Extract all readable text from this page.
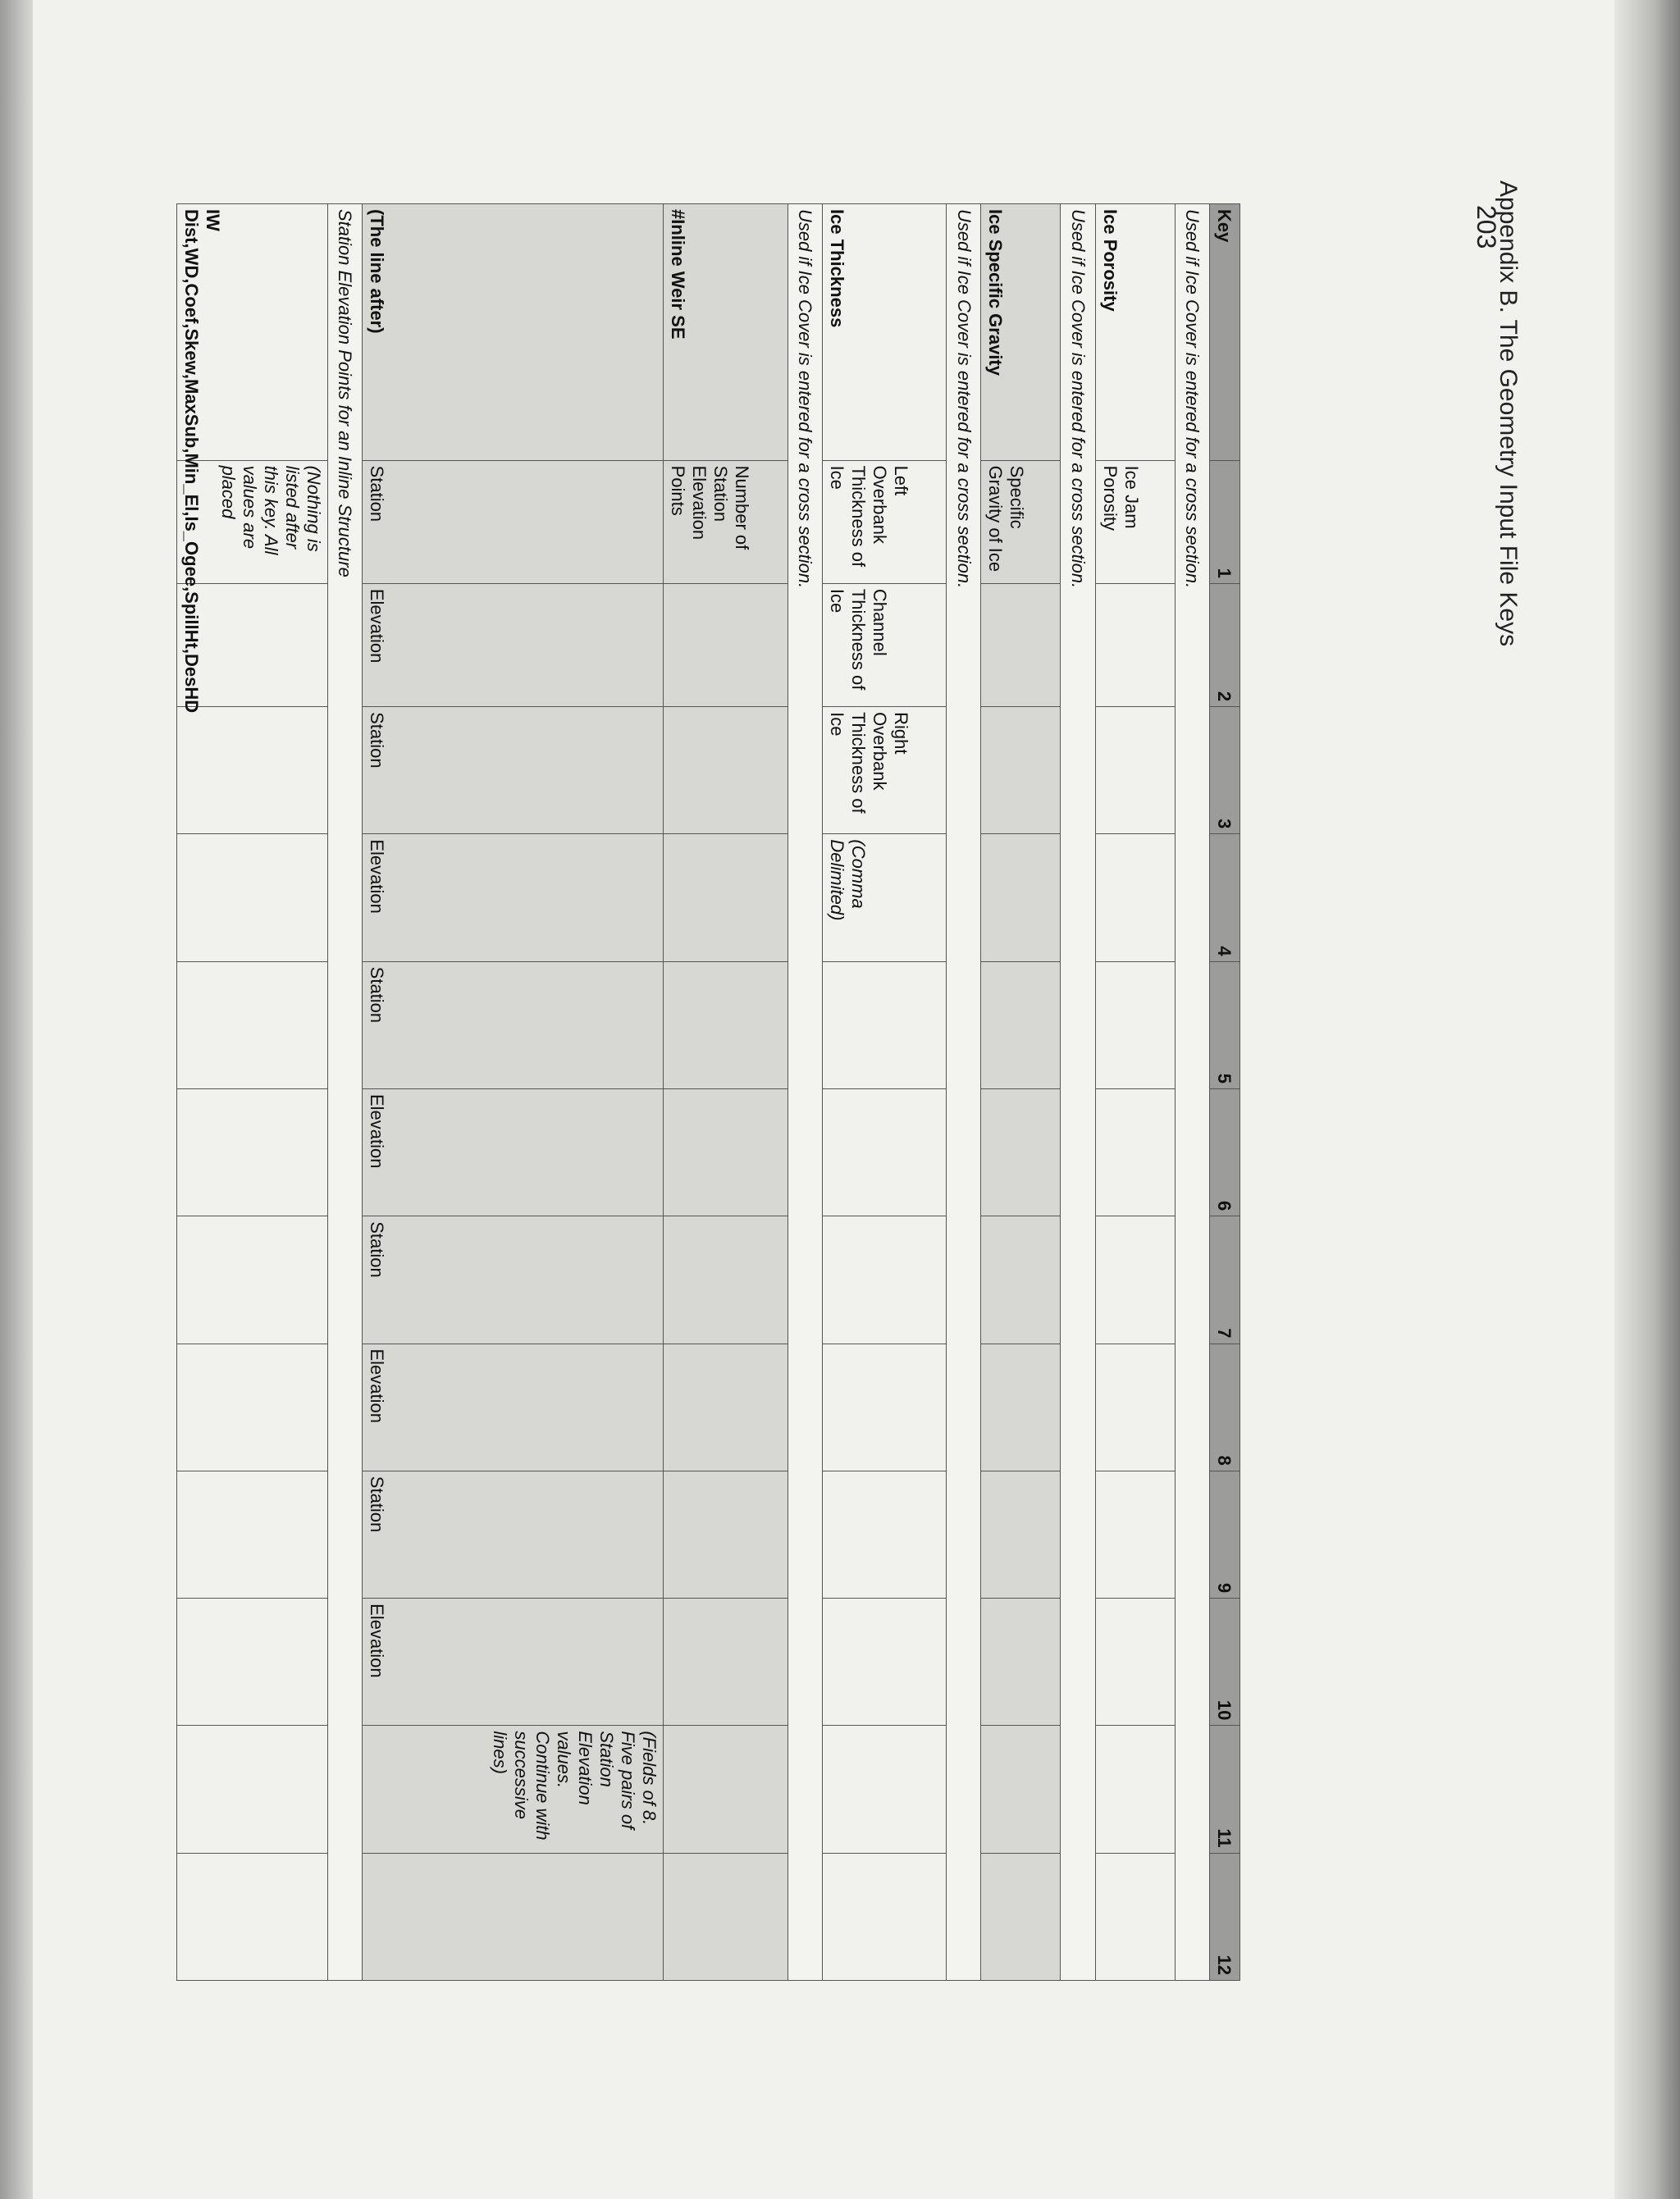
Appendix B. The Geometry Input File Keys
203
Key	1	2	3	4	5	6	7	8	9	10	11	12
Used if Ice Cover is entered for a cross section.												
Ice Porosity	Ice Jam Porosity											
Used if Ice Cover is entered for a cross section.												
Ice Specific Gravity	Specific Gravity of Ice											
Used if Ice Cover is entered for a cross section.												
Ice Thickness	Left Overbank Thickness of Ice	Channel Thickness of Ice	Right Overbank Thickness of Ice	(Comma Delimited)								
Used if Ice Cover is entered for a cross section.												
#Inline Weir SE	Number of Station Elevation Points											
(The line after)	Station	Elevation	Station	Elevation	Station	Elevation	Station	Elevation	Station	Elevation	(Fields of 8. Five pairs of Station Elevation values. Continue with successive lines)	
Station Elevation Points for an Inline Structure												
IW Dist,WD,Coef,Skew,MaxSub,Min_El,Is_Ogee,SpillHt,DesHD	(Nothing is listed after this key. All values are placed											
